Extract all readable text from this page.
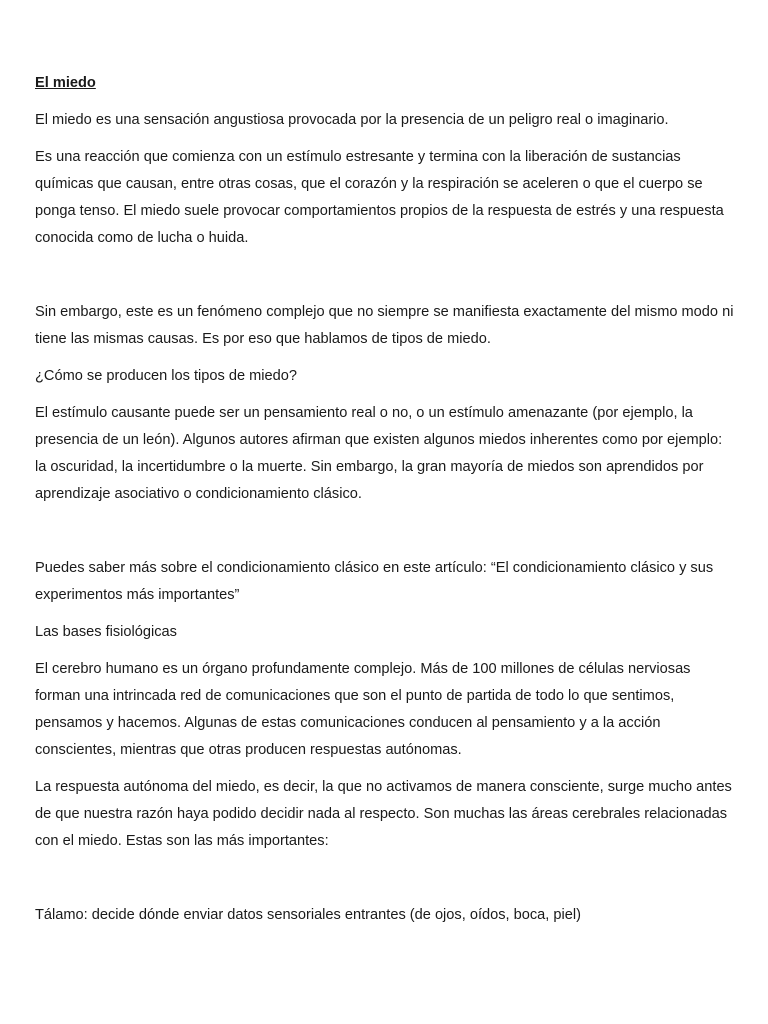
El miedo

El miedo es una sensación angustiosa provocada por la presencia de un peligro real o imaginario.

Es una reacción que comienza con un estímulo estresante y termina con la liberación de sustancias químicas que causan, entre otras cosas, que el corazón y la respiración se aceleren o que el cuerpo se ponga tenso. El miedo suele provocar comportamientos propios de la respuesta de estrés y una respuesta conocida como de lucha o huida.

Sin embargo, este es un fenómeno complejo que no siempre se manifiesta exactamente del mismo modo ni tiene las mismas causas. Es por eso que hablamos de tipos de miedo.

¿Cómo se producen los tipos de miedo?

El estímulo causante puede ser un pensamiento real o no, o un estímulo amenazante (por ejemplo, la presencia de un león). Algunos autores afirman que existen algunos miedos inherentes como por ejemplo: la oscuridad, la incertidumbre o la muerte. Sin embargo, la gran mayoría de miedos son aprendidos por aprendizaje asociativo o condicionamiento clásico.

Puedes saber más sobre el condicionamiento clásico en este artículo: “El condicionamiento clásico y sus experimentos más importantes”

Las bases fisiológicas

El cerebro humano es un órgano profundamente complejo. Más de 100 millones de células nerviosas forman una intrincada red de comunicaciones que son el punto de partida de todo lo que sentimos, pensamos y hacemos. Algunas de estas comunicaciones conducen al pensamiento y a la acción conscientes, mientras que otras producen respuestas autónomas.

La respuesta autónoma del miedo, es decir, la que no activamos de manera consciente, surge mucho antes de que nuestra razón haya podido decidir nada al respecto. Son muchas las áreas cerebrales relacionadas con el miedo. Estas son las más importantes:

Tálamo: decide dónde enviar datos sensoriales entrantes (de ojos, oídos, boca, piel)
